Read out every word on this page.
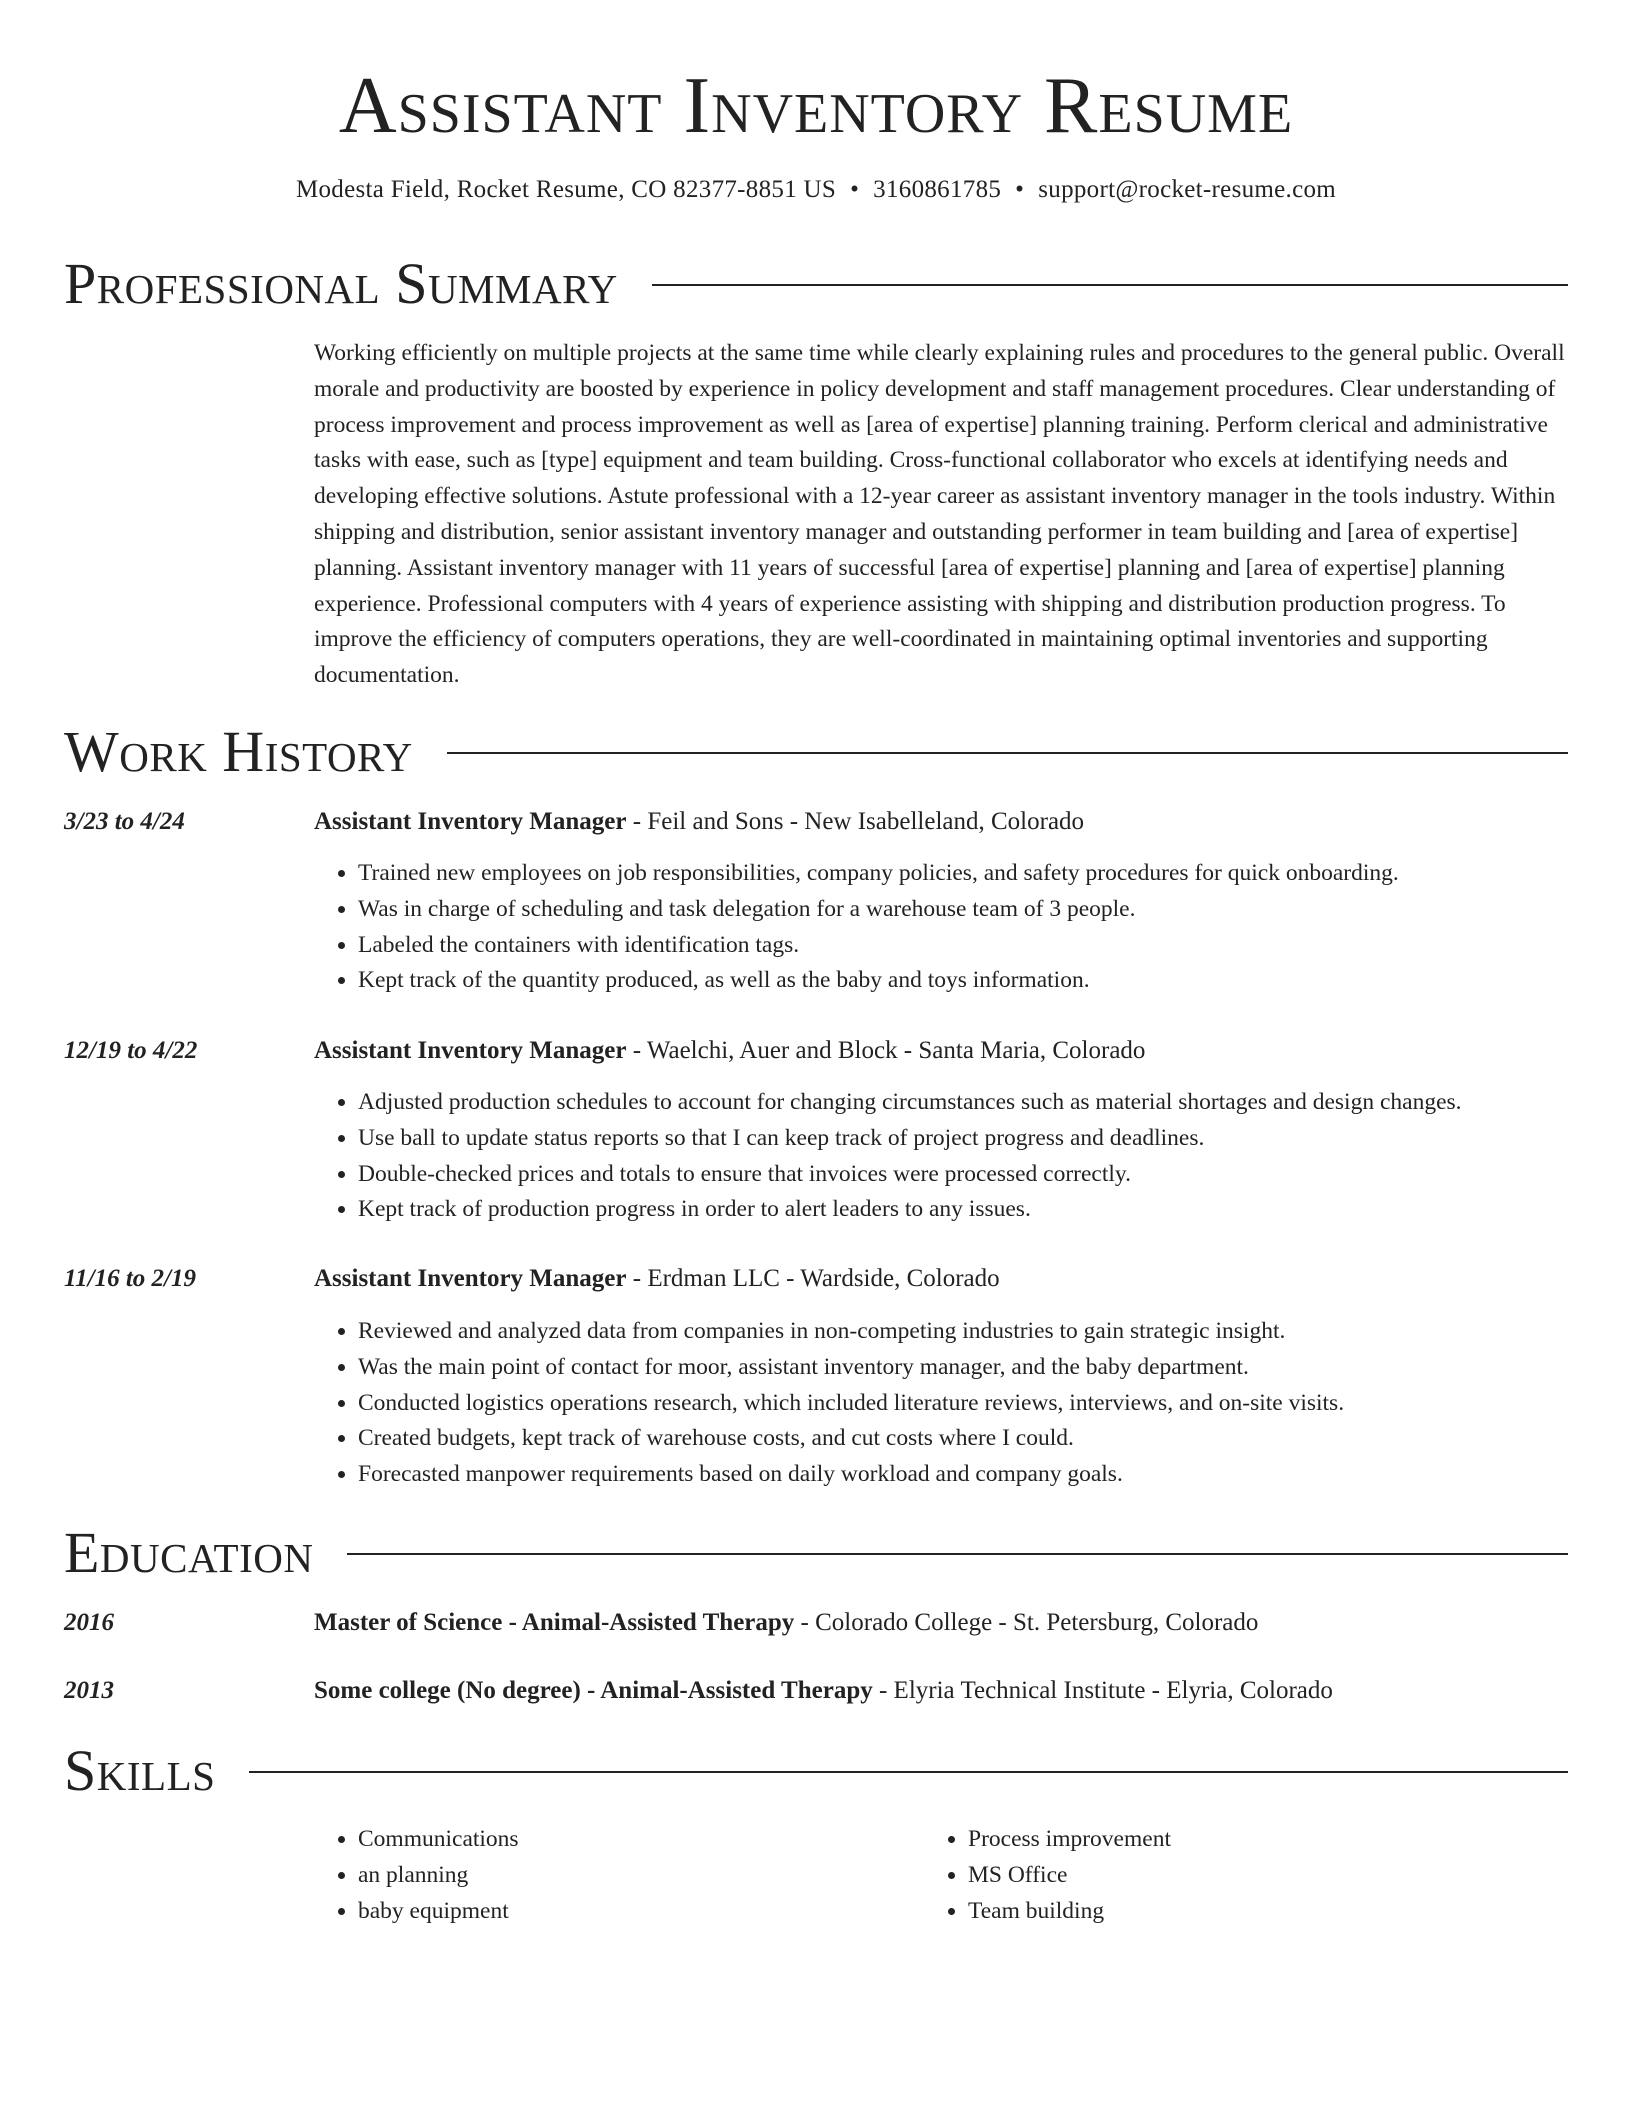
Assistant Inventory Resume
Modesta Field, Rocket Resume, CO 82377-8851 US • 3160861785 • support@rocket-resume.com
Professional Summary
Working efficiently on multiple projects at the same time while clearly explaining rules and procedures to the general public. Overall morale and productivity are boosted by experience in policy development and staff management procedures. Clear understanding of process improvement and process improvement as well as [area of expertise] planning training. Perform clerical and administrative tasks with ease, such as [type] equipment and team building. Cross-functional collaborator who excels at identifying needs and developing effective solutions. Astute professional with a 12-year career as assistant inventory manager in the tools industry. Within shipping and distribution, senior assistant inventory manager and outstanding performer in team building and [area of expertise] planning. Assistant inventory manager with 11 years of successful [area of expertise] planning and [area of expertise] planning experience. Professional computers with 4 years of experience assisting with shipping and distribution production progress. To improve the efficiency of computers operations, they are well-coordinated in maintaining optimal inventories and supporting documentation.
Work History
3/23 to 4/24	Assistant Inventory Manager - Feil and Sons - New Isabelleland, Colorado
• Trained new employees on job responsibilities, company policies, and safety procedures for quick onboarding.
• Was in charge of scheduling and task delegation for a warehouse team of 3 people.
• Labeled the containers with identification tags.
• Kept track of the quantity produced, as well as the baby and toys information.
12/19 to 4/22	Assistant Inventory Manager - Waelchi, Auer and Block - Santa Maria, Colorado
• Adjusted production schedules to account for changing circumstances such as material shortages and design changes.
• Use ball to update status reports so that I can keep track of project progress and deadlines.
• Double-checked prices and totals to ensure that invoices were processed correctly.
• Kept track of production progress in order to alert leaders to any issues.
11/16 to 2/19	Assistant Inventory Manager - Erdman LLC - Wardside, Colorado
• Reviewed and analyzed data from companies in non-competing industries to gain strategic insight.
• Was the main point of contact for moor, assistant inventory manager, and the baby department.
• Conducted logistics operations research, which included literature reviews, interviews, and on-site visits.
• Created budgets, kept track of warehouse costs, and cut costs where I could.
• Forecasted manpower requirements based on daily workload and company goals.
Education
2016	Master of Science - Animal-Assisted Therapy - Colorado College - St. Petersburg, Colorado
2013	Some college (No degree) - Animal-Assisted Therapy - Elyria Technical Institute - Elyria, Colorado
Skills
• Communications
• an planning
• baby equipment
• Process improvement
• MS Office
• Team building
